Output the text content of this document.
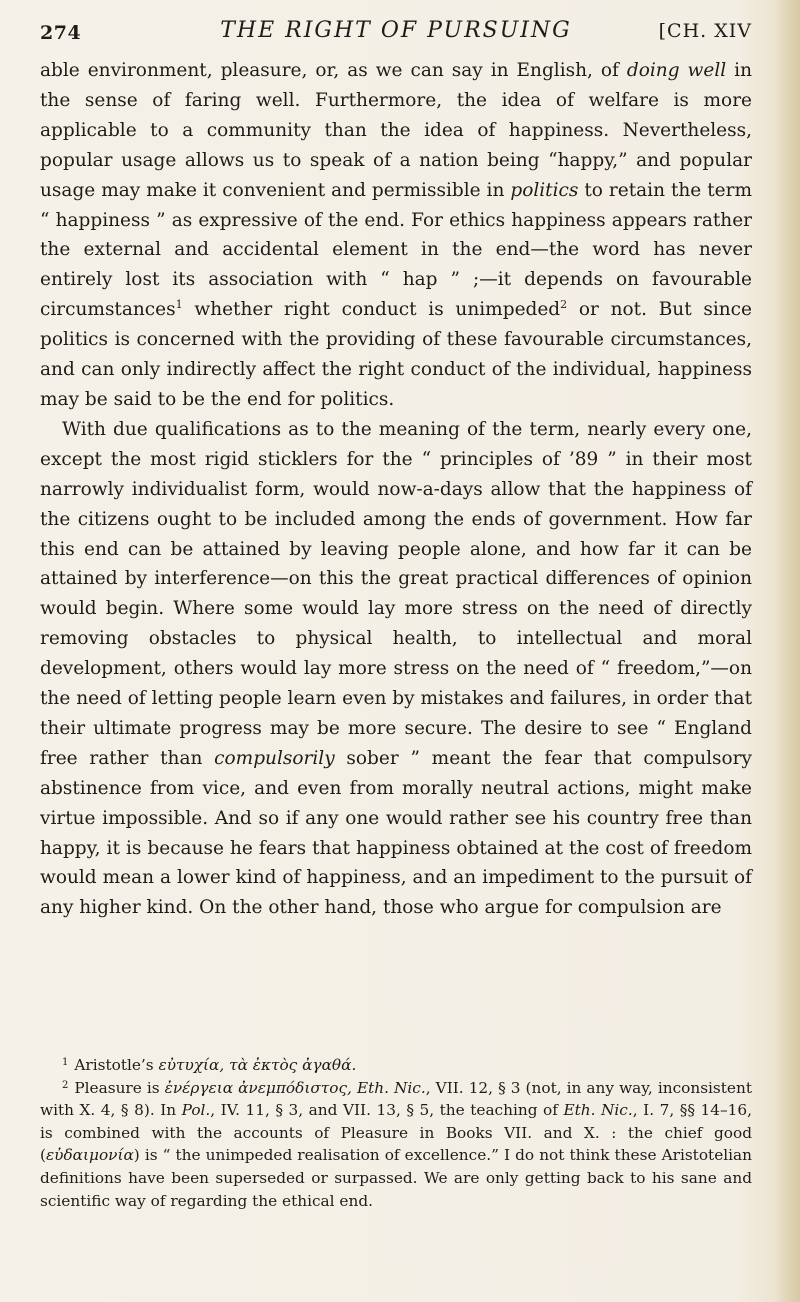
274	THE RIGHT OF PURSUING	[CH. XIV

able environment, pleasure, or, as we can say in English, of doing well in the sense of faring well. Furthermore, the idea of welfare is more applicable to a community than the idea of happiness. Nevertheless, popular usage allows us to speak of a nation being “happy,” and popular usage may make it convenient and permissible in politics to retain the term “ happiness ” as expressive of the end. For ethics happiness appears rather the external and accidental element in the end—the word has never entirely lost its association with “ hap ” ;—it depends on favourable circumstances$^1$ whether right conduct is unimpeded$^2$ or not. But since politics is concerned with the providing of these favourable circumstances, and can only indirectly affect the right conduct of the individual, happiness may be said to be the end for politics.

With due qualifications as to the meaning of the term, nearly every one, except the most rigid sticklers for the “ principles of ’89 ” in their most narrowly individualist form, would now-a-days allow that the happiness of the citizens ought to be included among the ends of government. How far this end can be attained by leaving people alone, and how far it can be attained by interference—on this the great practical differences of opinion would begin. Where some would lay more stress on the need of directly removing obstacles to physical health, to intellectual and moral development, others would lay more stress on the need of “ freedom,”—on the need of letting people learn even by mistakes and failures, in order that their ultimate progress may be more secure. The desire to see “ England free rather than compulsorily sober ” meant the fear that compulsory abstinence from vice, and even from morally neutral actions, might make virtue impossible. And so if any one would rather see his country free than happy, it is because he fears that happiness obtained at the cost of freedom would mean a lower kind of happiness, and an impediment to the pursuit of any higher kind. On the other hand, those who argue for compulsion are

$^1$ Aristotle’s εὐτυχία, τὰ ἐκτὸς ἀγαθά.

$^2$ Pleasure is ἐνέργεια ἀνεμπόδιστος, Eth. Nic., VII. 12, § 3 (not, in any way, inconsistent with X. 4, § 8). In Pol., IV. 11, § 3, and VII. 13, § 5, the teaching of Eth. Nic., I. 7, §§ 14–16, is combined with the accounts of Pleasure in Books VII. and X. : the chief good (εὐδαιμονία) is “ the unimpeded realisation of excellence.” I do not think these Aristotelian definitions have been superseded or surpassed. We are only getting back to his sane and scientific way of regarding the ethical end.
